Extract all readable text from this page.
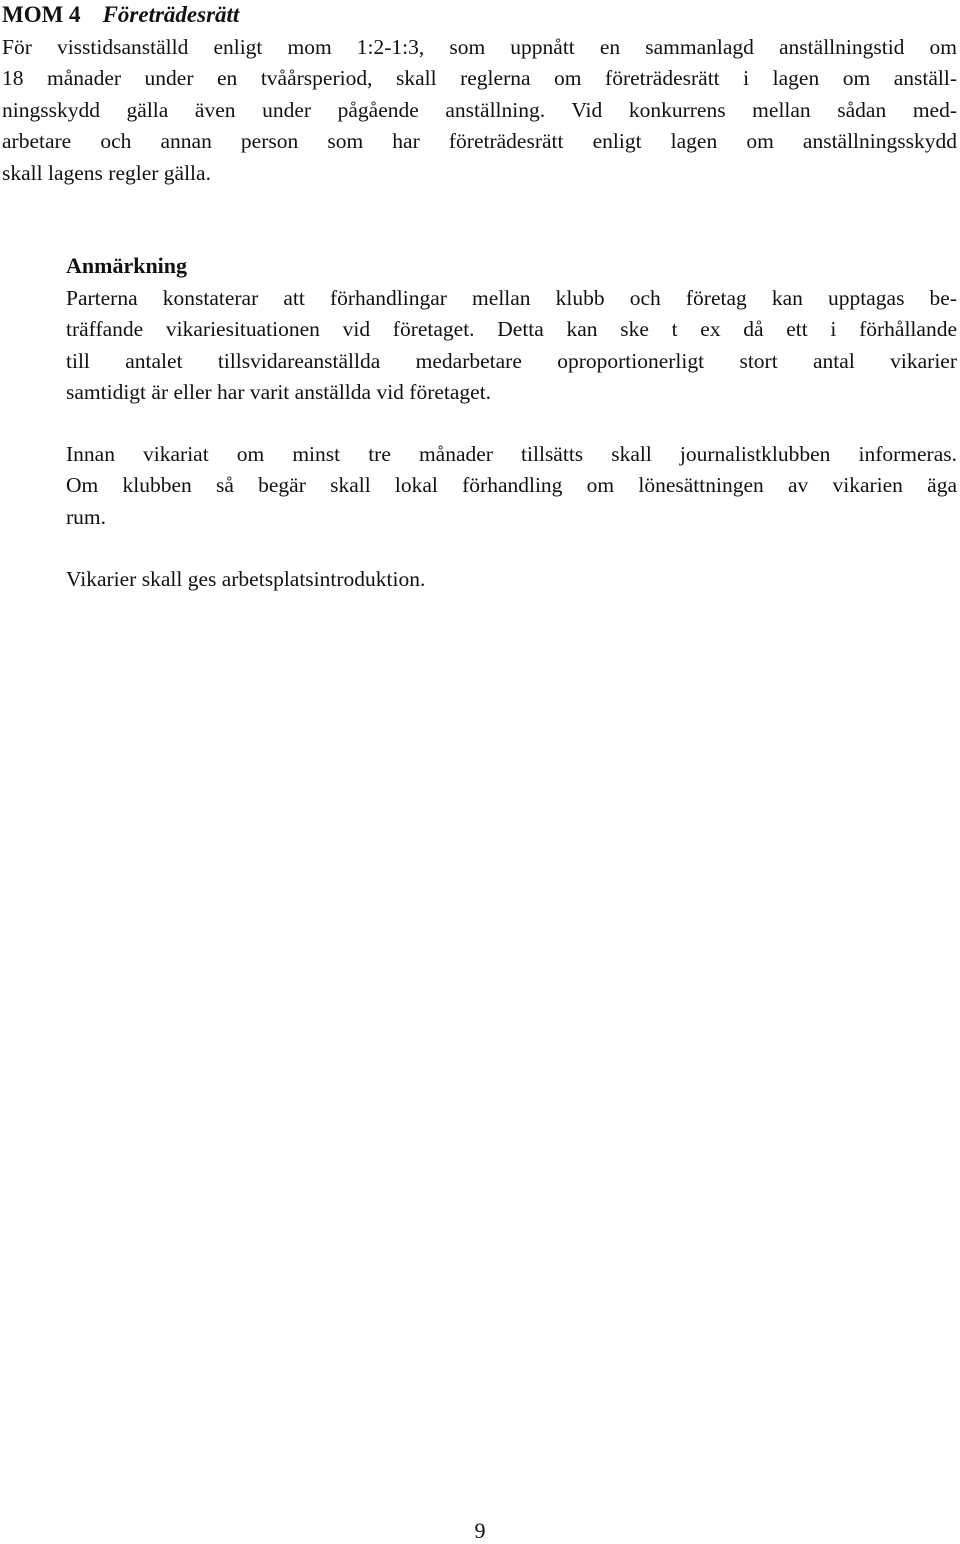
MOM 4 Företrädesrätt
För visstidsanställd enligt mom 1:2-1:3, som uppnått en sammanlagd anställningstid om
18 månader under en tvåårsperiod, skall reglerna om företrädesrätt i lagen om anställ-
ningsskydd gälla även under pågående anställning. Vid konkurrens mellan sådan med-
arbetare och annan person som har företrädesrätt enligt lagen om anställningsskydd
skall lagens regler gälla.
Anmärkning
Parterna konstaterar att förhandlingar mellan klubb och företag kan upptagas be-
träffande vikariesituationen vid företaget. Detta kan ske t ex då ett i förhållande
till antalet tillsvidareanställda medarbetare oproportionerligt stort antal vikarier
samtidigt är eller har varit anställda vid företaget.
Innan vikariat om minst tre månader tillsätts skall journalistklubben informeras.
Om klubben så begär skall lokal förhandling om lönesättningen av vikarien äga
rum.
Vikarier skall ges arbetsplatsintroduktion.
9
